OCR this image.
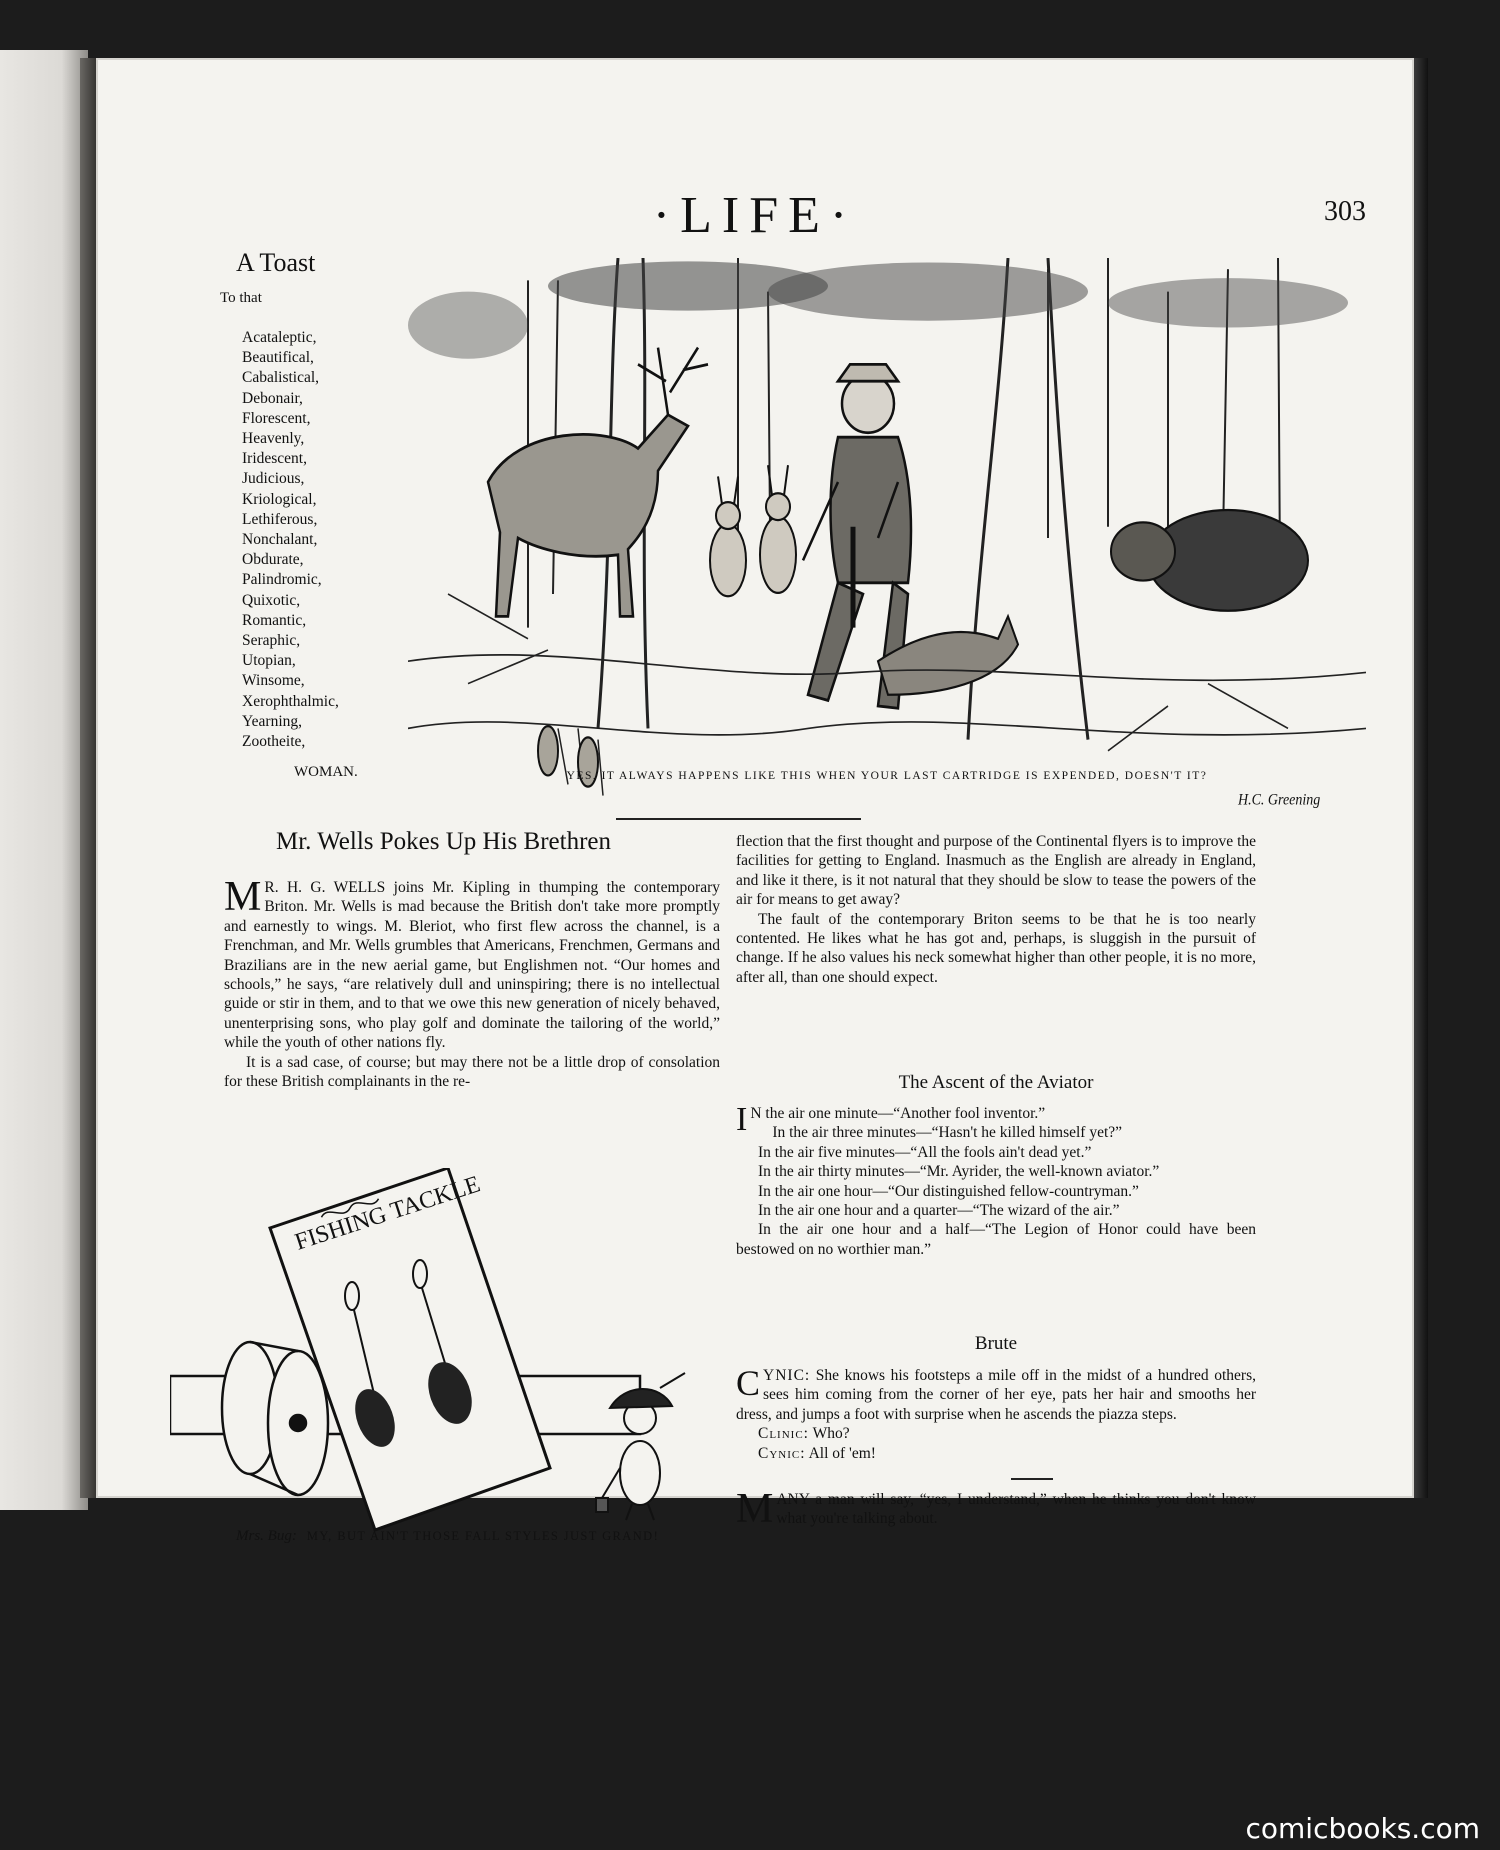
·LIFE·	303
A Toast
To that
Acataleptic,
Beautifical,
Cabalistical,
Debonair,
Florescent,
Heavenly,
Iridescent,
Judicious,
Kriological,
Lethiferous,
Nonchalant,
Obdurate,
Palindromic,
Quixotic,
Romantic,
Seraphic,
Utopian,
Winsome,
Xerophthalmic,
Yearning,
Zootheite,
WOMAN.
H.C. Greening
YES, IT ALWAYS HAPPENS LIKE THIS WHEN YOUR LAST CARTRIDGE IS EXPENDED, DOESN'T IT?
Mr. Wells Pokes Up His Brethren
M R. H. G. WELLS joins Mr. Kipling in thumping the contemporary Briton. Mr. Wells is mad because the British don't take more promptly and earnestly to wings. M. Bleriot, who first flew across the channel, is a Frenchman, and Mr. Wells grumbles that Americans, Frenchmen, Germans and Brazilians are in the new aerial game, but Englishmen not. “Our homes and schools,” he says, “are relatively dull and uninspiring; there is no intellectual guide or stir in them, and to that we owe this new generation of nicely behaved, unenterprising sons, who play golf and dominate the tailoring of the world,” while the youth of other nations fly.

It is a sad case, of course; but may there not be a little drop of consolation for these British complainants in the re-

flection that the first thought and purpose of the Continental flyers is to improve the facilities for getting to England. Inasmuch as the English are already in England, and like it there, is it not natural that they should be slow to tease the powers of the air for means to get away?

The fault of the contemporary Briton seems to be that he is too nearly contented. He likes what he has got and, perhaps, is sluggish in the pursuit of change. If he also values his neck somewhat higher than other people, it is no more, after all, than one should expect.

The Ascent of the Aviator
I N the air one minute—“Another fool inventor.”

In the air three minutes—“Hasn't he killed himself yet?”

In the air five minutes—“All the fools ain't dead yet.”

In the air thirty minutes—“Mr. Ayrider, the well-known aviator.”

In the air one hour—“Our distinguished fellow-countryman.”

In the air one hour and a quarter—“The wizard of the air.”

In the air one hour and a half—“The Legion of Honor could have been bestowed on no worthier man.”

Brute
CYNIC: She knows his footsteps a mile off in the midst of a hundred others, sees him coming from the corner of her eye, pats her hair and smooths her dress, and jumps a foot with surprise when he ascends the piazza steps.

Clinic: Who?

Cynic: All of 'em!

MANY a man will say, “yes, I understand,” when he thinks you don't know what you're talking about.
FISHING TACKLE
Mrs. Bug: MY, BUT AIN'T THOSE FALL STYLES JUST GRAND!
comicbooks.com
